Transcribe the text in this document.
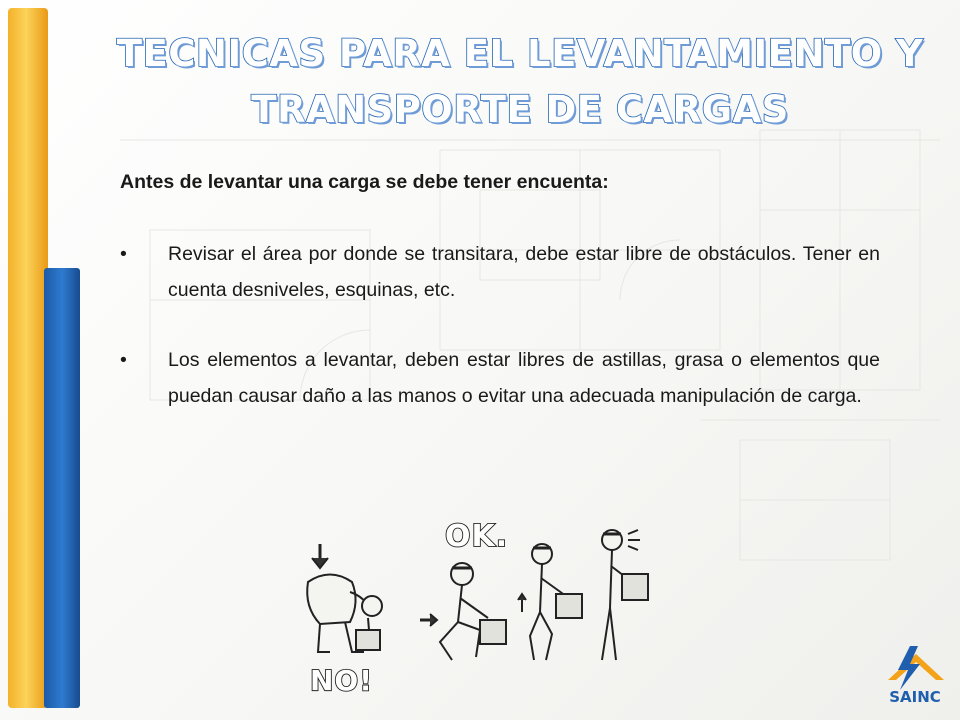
TECNICAS PARA EL LEVANTAMIENTO Y
TRANSPORTE DE CARGAS

Antes de levantar una carga se debe tener encuenta:

• Revisar el área por donde se transitara, debe estar libre de obstáculos. Tener en cuenta desniveles, esquinas, etc.
• Los elementos a levantar, deben estar libres de astillas, grasa o elementos que puedan causar daño a las manos o evitar una adecuada manipulación de carga.
OK.
NO!	SAINC
